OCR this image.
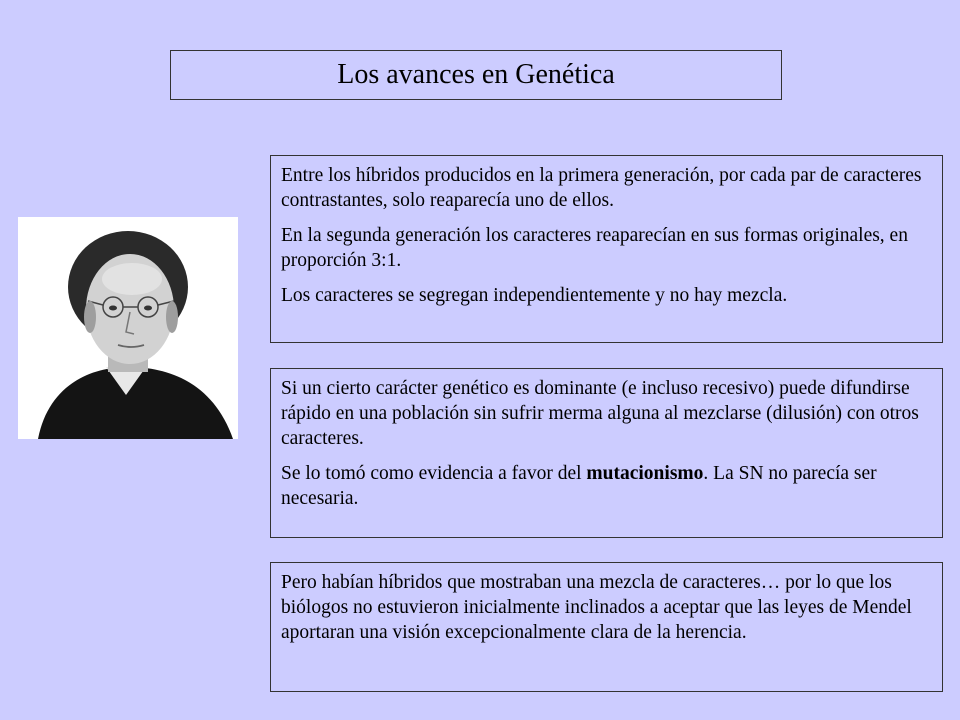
Los avances en Genética

Entre los híbridos producidos en la primera generación, por cada par de caracteres contrastantes, solo reaparecía uno de ellos.

En la segunda generación los caracteres reaparecían en sus formas originales, en proporción 3:1.

Los caracteres se segregan independientemente y no hay mezcla.

Si un cierto carácter genético es dominante (e incluso recesivo) puede difundirse rápido en una población sin sufrir merma alguna al mezclarse (dilusión) con otros caracteres.

Se lo tomó como evidencia a favor del mutacionismo. La SN no parecía ser necesaria.

Pero habían híbridos que mostraban una mezcla de caracteres… por lo que los biólogos no estuvieron inicialmente inclinados a aceptar que las leyes de Mendel aportaran una visión excepcionalmente clara de la herencia.
